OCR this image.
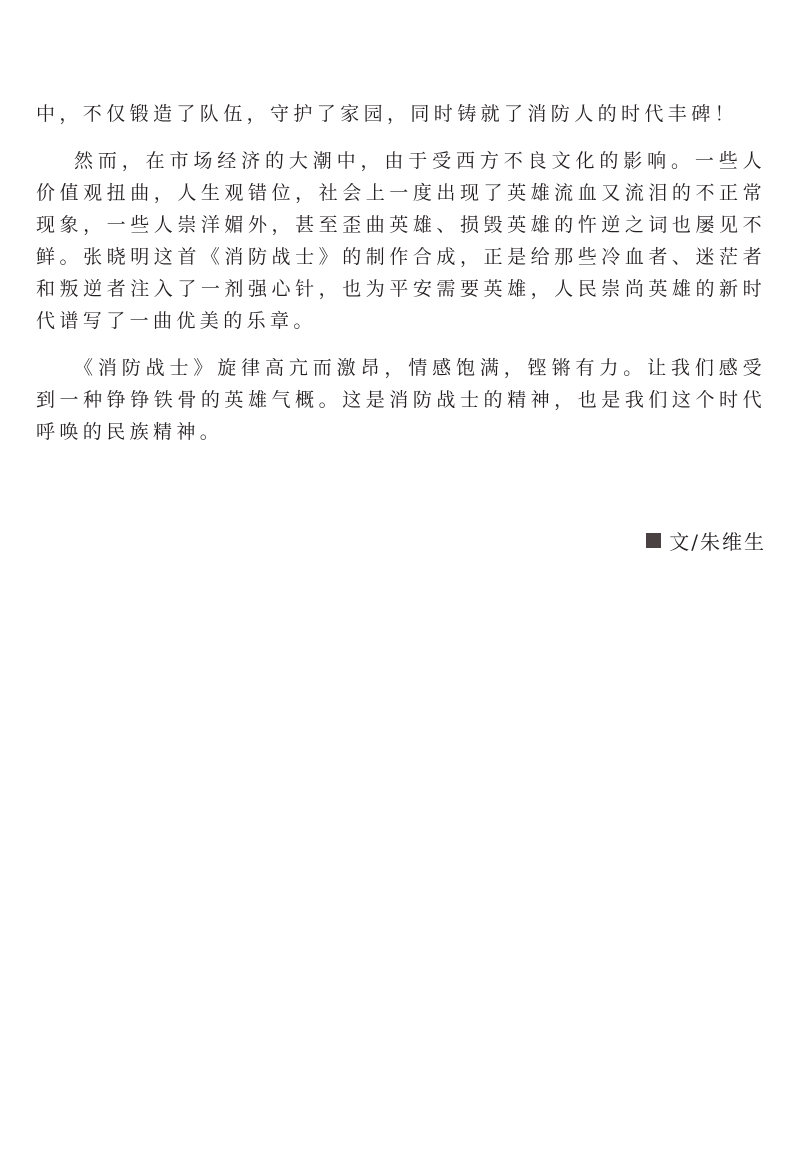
中，不仅锻造了队伍，守护了家园，同时铸就了消防人的时代丰碑！

然而，在市场经济的大潮中，由于受西方不良文化的影响。一些人价值观扭曲，人生观错位，社会上一度出现了英雄流血又流泪的不正常现象，一些人崇洋媚外，甚至歪曲英雄、损毁英雄的忤逆之词也屡见不鲜。张晓明这首《消防战士》的制作合成，正是给那些冷血者、迷茫者和叛逆者注入了一剂强心针，也为平安需要英雄，人民崇尚英雄的新时代谱写了一曲优美的乐章。

《消防战士》旋律高亢而激昂，情感饱满，铿锵有力。让我们感受到一种铮铮铁骨的英雄气概。这是消防战士的精神，也是我们这个时代呼唤的民族精神。

文/朱维生
